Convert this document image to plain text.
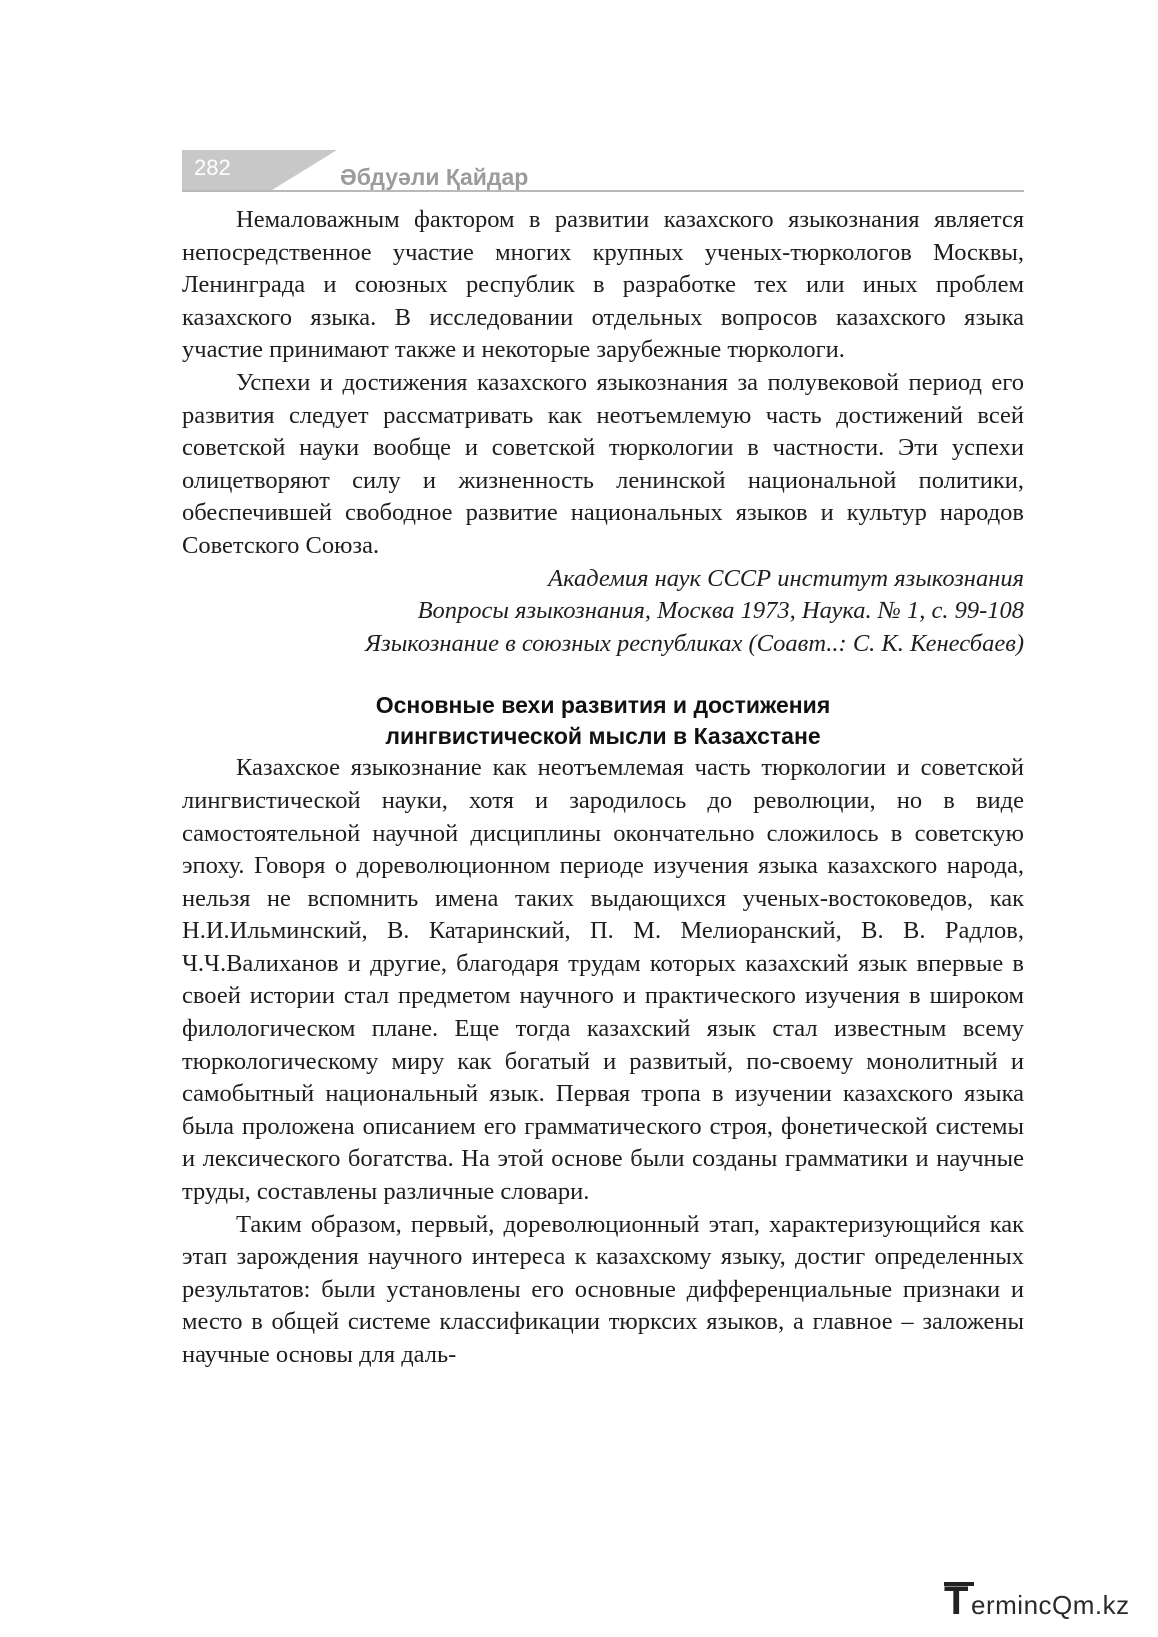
282	Әбдуәли Қайдар

Немаловажным фактором в развитии казахского языкознания является непосредственное участие многих крупных ученых-тюркологов Москвы, Ленинграда и союзных республик в разработке тех или иных проблем казахского языка. В исследовании отдельных вопросов казахского языка участие принимают также и некоторые зарубежные тюркологи.

Успехи и достижения казахского языкознания за полувековой период его развития следует рассматривать как неотъемлемую часть достижений всей советской науки вообще и советской тюркологии в частности. Эти успехи олицетворяют силу и жизненность ленинской национальной политики, обеспечившей свободное развитие национальных языков и культур народов Советского Союза.

Академия наук СССР институт языкознания
Вопросы языкознания, Москва 1973, Наука. № 1, с. 99-108
Языкознание в союзных республиках (Соавт..: С. К. Кенесбаев)
Основные вехи развития и достижения
лингвистической мысли в Казахстане

Казахское языкознание как неотъемлемая часть тюркологии и советской лингвистической науки, хотя и зародилось до революции, но в виде самостоятельной научной дисциплины окончательно сложилось в советскую эпоху. Говоря о дореволюционном периоде изучения языка казахского народа, нельзя не вспомнить имена таких выдающихся ученых-востоковедов, как Н.И.Ильминский, В. Катаринский, П. М. Мелиоранский, В. В. Радлов, Ч.Ч.Валиханов и другие, благодаря трудам которых казахский язык впервые в своей истории стал предметом научного и практического изучения в широком филологическом плане. Еще тогда казахский язык стал известным всему тюркологическому миру как богатый и развитый, по-своему монолитный и самобытный национальный язык. Первая тропа в изучении казахского языка была проложена описанием его грамматического строя, фонетической системы и лексического богатства. На этой основе были созданы грамматики и научные труды, составлены различные словари.

Таким образом, первый, дореволюционный этап, характеризующийся как этап зарождения научного интереса к казахскому языку, достиг определенных результатов: были установлены его основные дифференциальные признаки и место в общей системе классификации тюрксих языков, а главное – заложены научные основы для даль-

T ermincQm.kz
